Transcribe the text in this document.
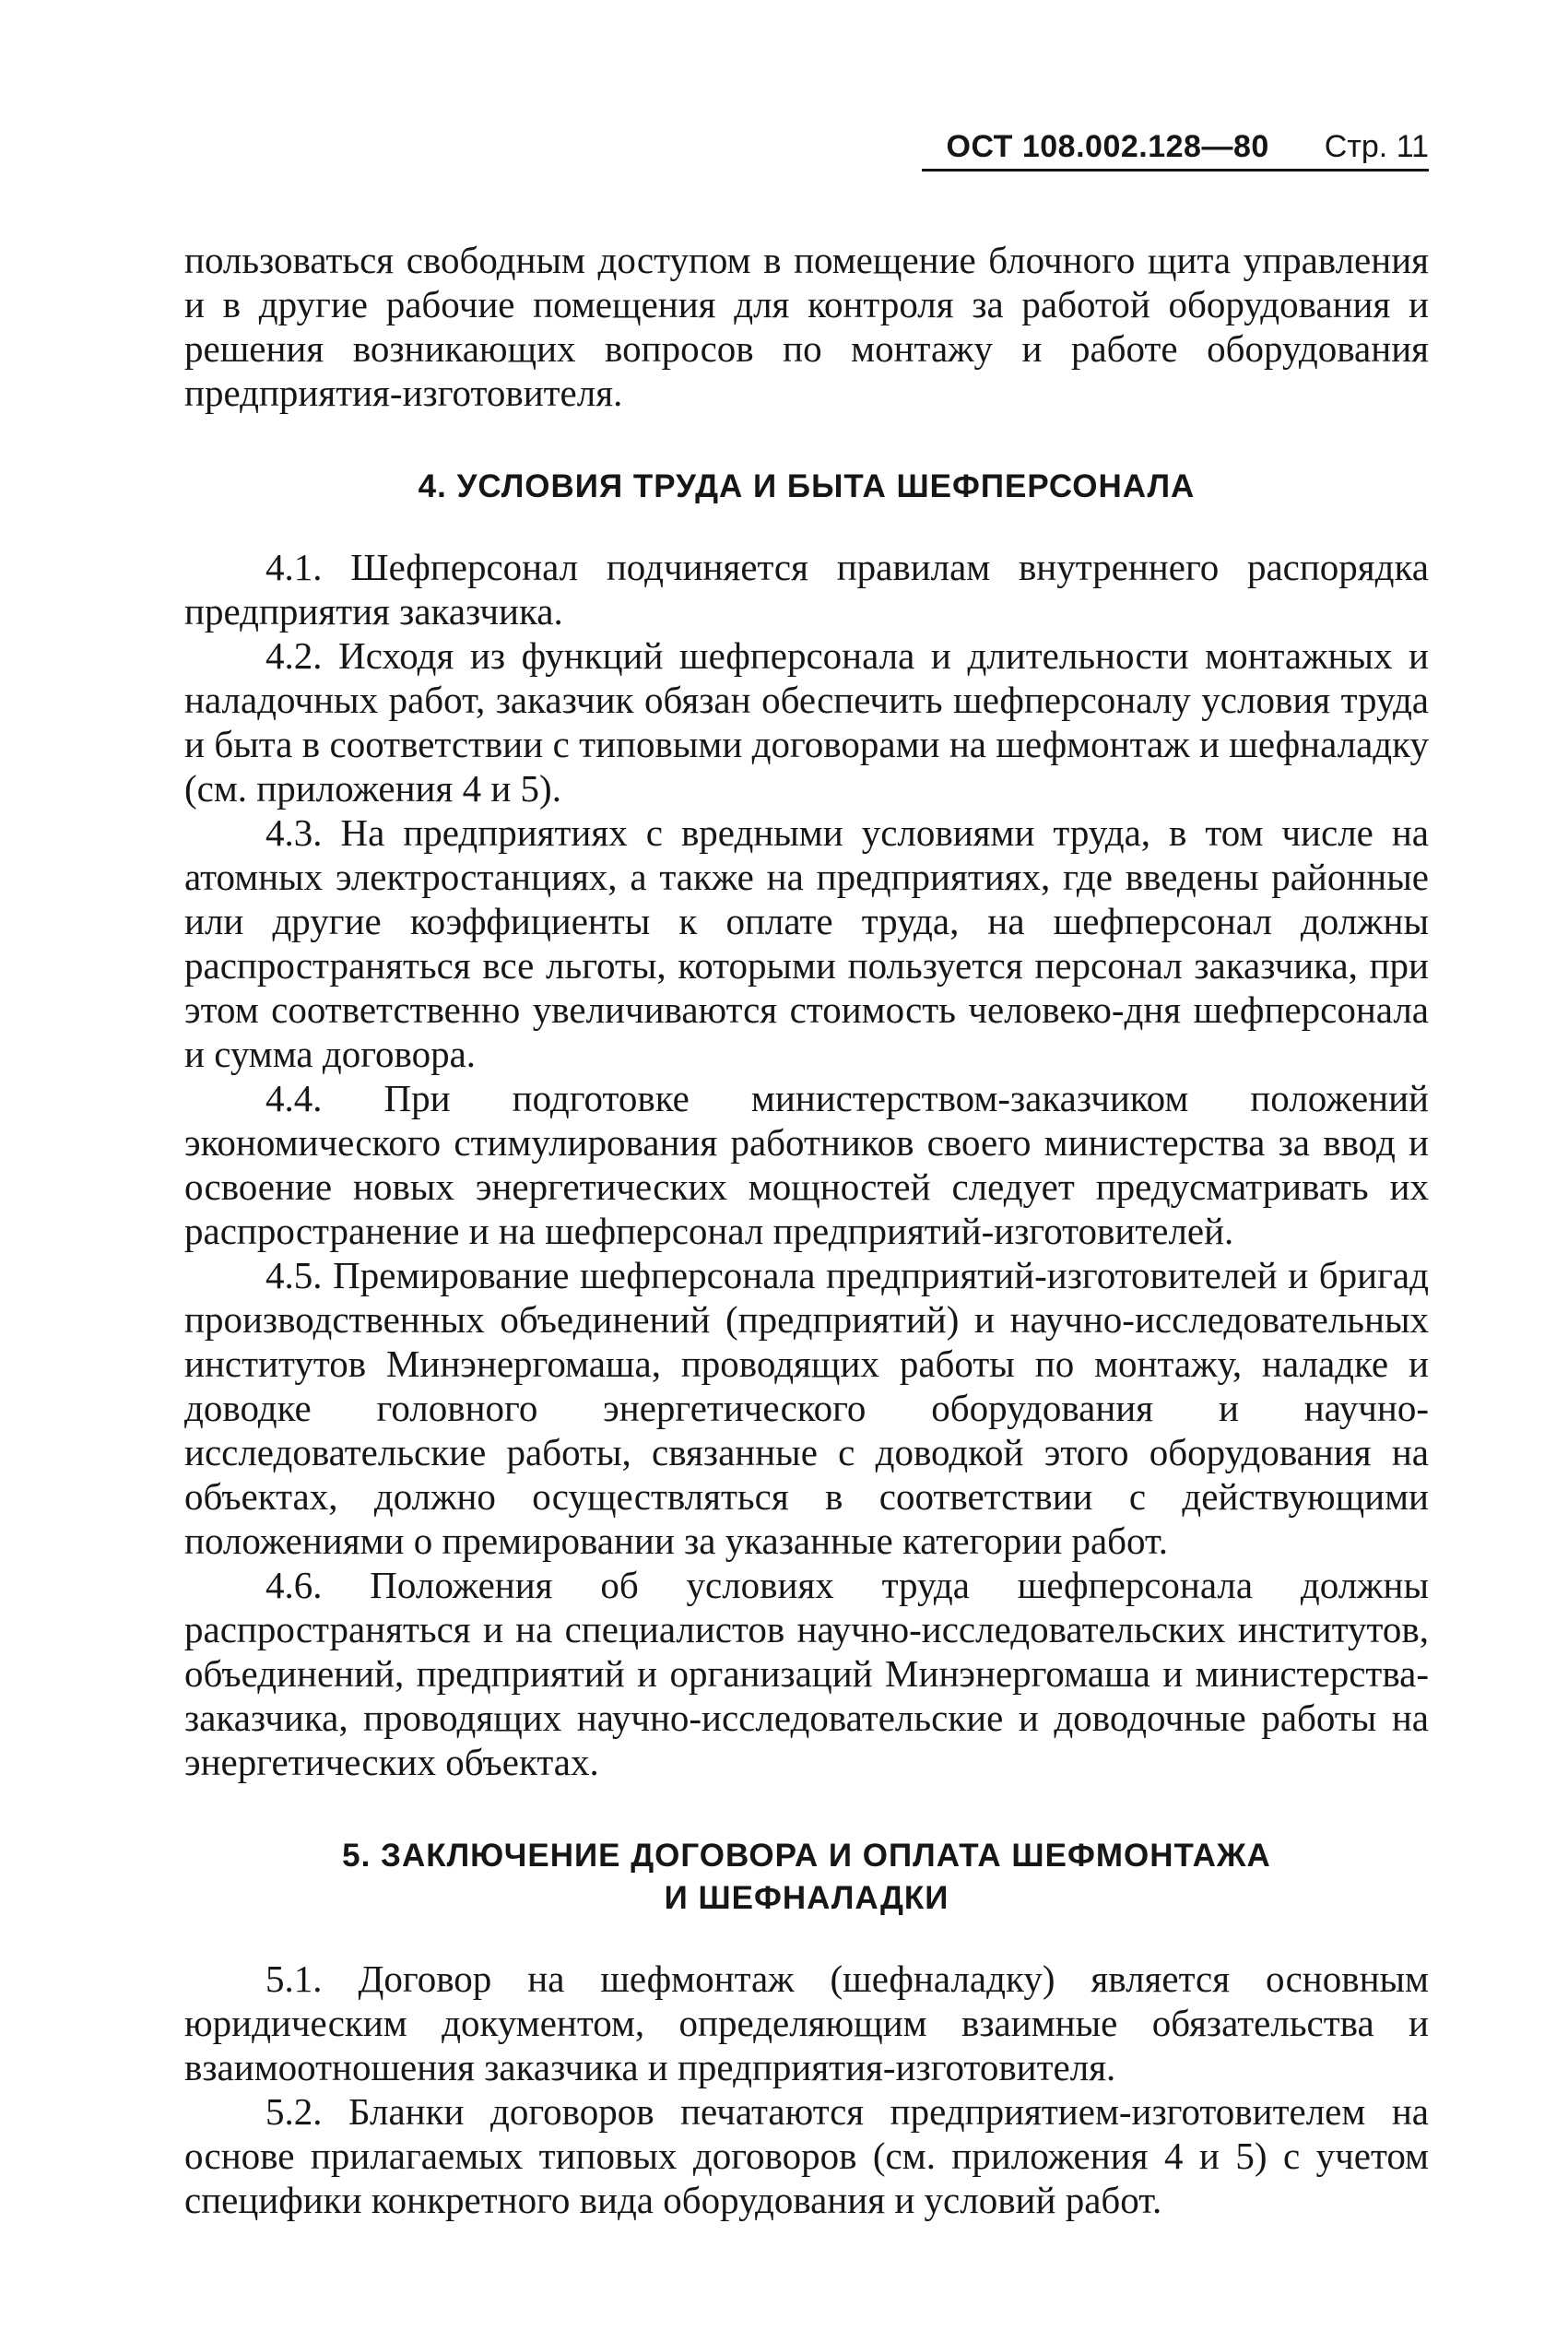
ОСТ 108.002.128—80 Стр. 11

пользоваться свободным доступом в помещение блочного щита управления и в другие рабочие помещения для контроля за работой оборудования и решения возникающих вопросов по монтажу и работе оборудования предприятия-изготовителя.

4. УСЛОВИЯ ТРУДА И БЫТА ШЕФПЕРСОНАЛА

4.1. Шефперсонал подчиняется правилам внутреннего распорядка предприятия заказчика.

4.2. Исходя из функций шефперсонала и длительности монтажных и наладочных работ, заказчик обязан обеспечить шефперсоналу условия труда и быта в соответствии с типовыми договорами на шефмонтаж и шефналадку (см. приложения 4 и 5).

4.3. На предприятиях с вредными условиями труда, в том числе на атомных электростанциях, а также на предприятиях, где введены районные или другие коэффициенты к оплате труда, на шефперсонал должны распространяться все льготы, которыми пользуется персонал заказчика, при этом соответственно увеличиваются стоимость человеко-дня шефперсонала и сумма договора.

4.4. При подготовке министерством-заказчиком положений экономического стимулирования работников своего министерства за ввод и освоение новых энергетических мощностей следует предусматривать их распространение и на шефперсонал предприятий-изготовителей.

4.5. Премирование шефперсонала предприятий-изготовителей и бригад производственных объединений (предприятий) и научно-исследовательных институтов Минэнергомаша, проводящих работы по монтажу, наладке и доводке головного энергетического оборудования и научно-исследовательские работы, связанные с доводкой этого оборудования на объектах, должно осуществляться в соответствии с действующими положениями о премировании за указанные категории работ.

4.6. Положения об условиях труда шефперсонала должны распространяться и на специалистов научно-исследовательских институтов, объединений, предприятий и организаций Минэнергомаша и министерства-заказчика, проводящих научно-исследовательские и доводочные работы на энергетических объектах.

5. ЗАКЛЮЧЕНИЕ ДОГОВОРА И ОПЛАТА ШЕФМОНТАЖА
И ШЕФНАЛАДКИ

5.1. Договор на шефмонтаж (шефналадку) является основным юридическим документом, определяющим взаимные обязательства и взаимоотношения заказчика и предприятия-изготовителя.

5.2. Бланки договоров печатаются предприятием-изготовителем на основе прилагаемых типовых договоров (см. приложения 4 и 5) с учетом специфики конкретного вида оборудования и условий работ.
